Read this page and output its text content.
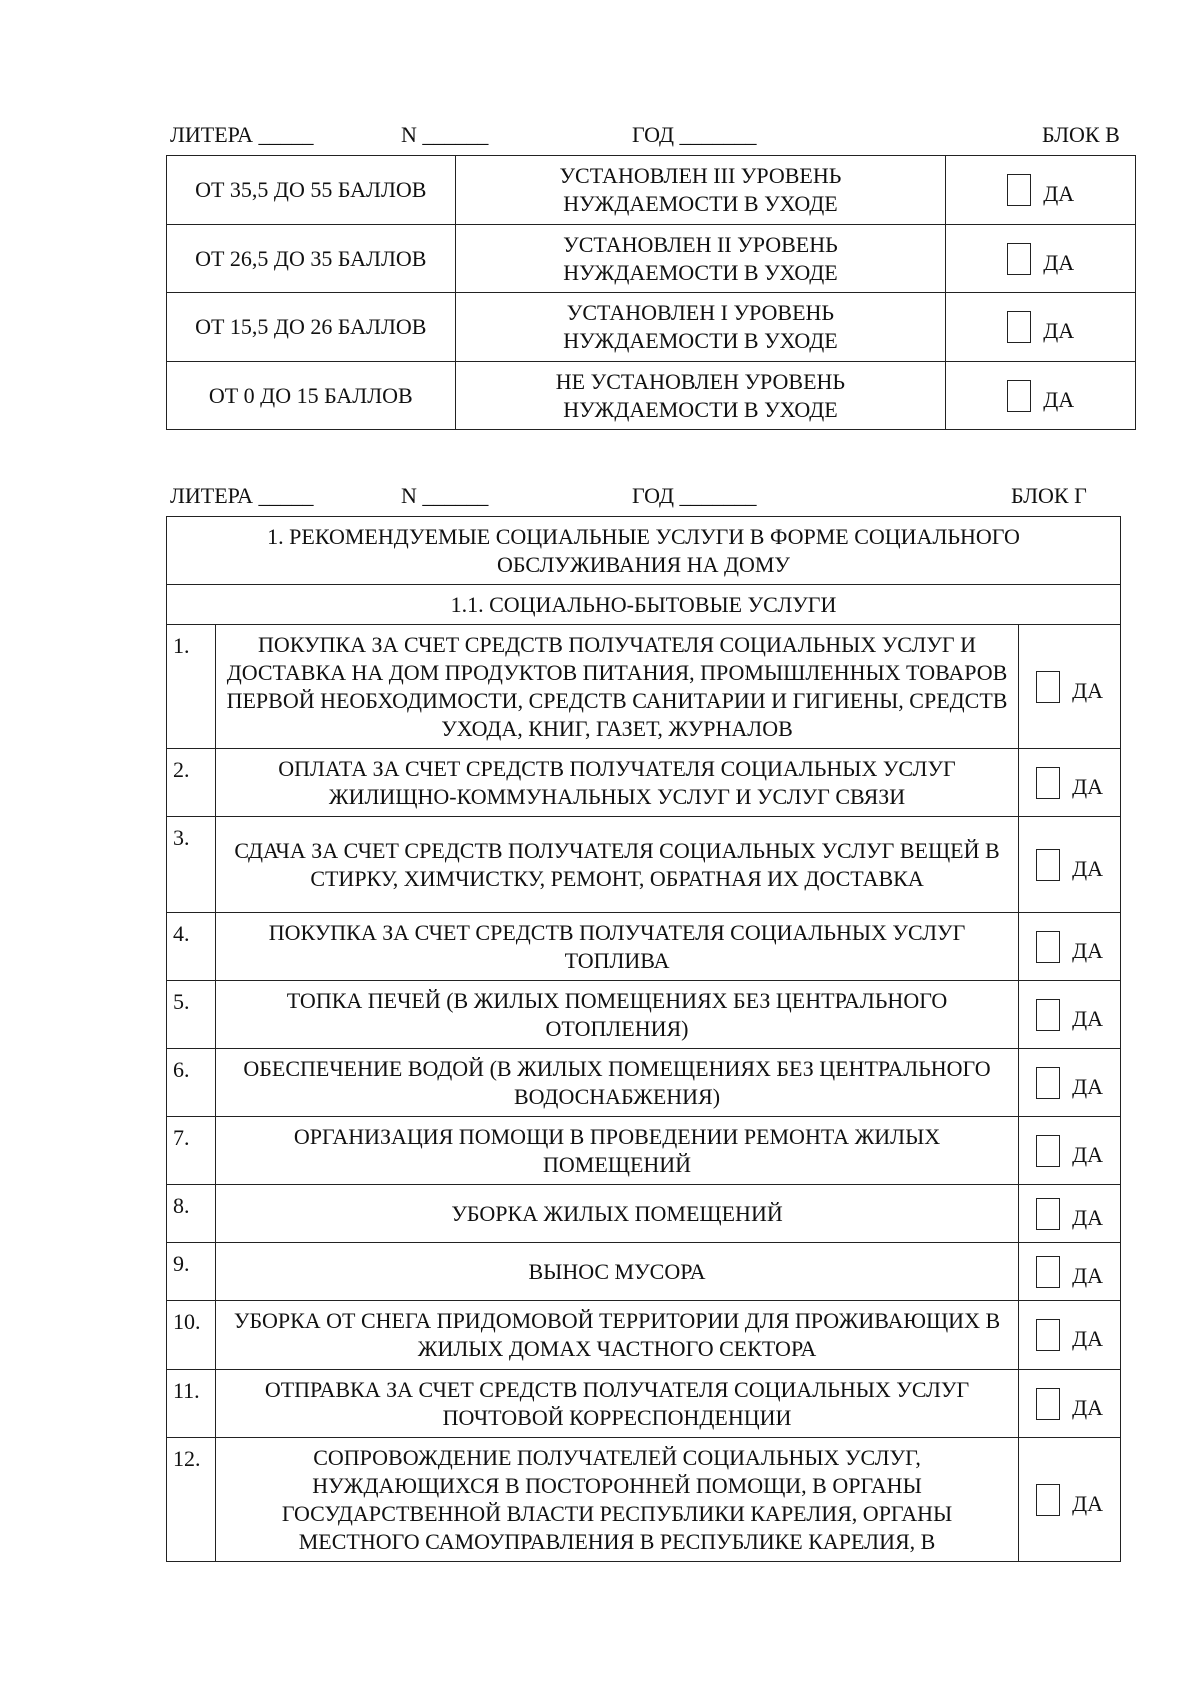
ЛИТЕРА _____	N ______	ГОД _______	БЛОК В
ОТ 35,5 ДО 55 БАЛЛОВ	УСТАНОВЛЕН III УРОВЕНЬ НУЖДАЕМОСТИ В УХОДЕ	ДА
ОТ 26,5 ДО 35 БАЛЛОВ	УСТАНОВЛЕН II УРОВЕНЬ НУЖДАЕМОСТИ В УХОДЕ	ДА
ОТ 15,5 ДО 26 БАЛЛОВ	УСТАНОВЛЕН I УРОВЕНЬ НУЖДАЕМОСТИ В УХОДЕ	ДА
ОТ 0 ДО 15 БАЛЛОВ	НЕ УСТАНОВЛЕН УРОВЕНЬ НУЖДАЕМОСТИ В УХОДЕ	ДА
ЛИТЕРА _____	N ______	ГОД _______	БЛОК Г
1. РЕКОМЕНДУЕМЫЕ СОЦИАЛЬНЫЕ УСЛУГИ В ФОРМЕ СОЦИАЛЬНОГО ОБСЛУЖИВАНИЯ НА ДОМУ		
1.1. СОЦИАЛЬНО-БЫТОВЫЕ УСЛУГИ		
1.	ПОКУПКА ЗА СЧЕТ СРЕДСТВ ПОЛУЧАТЕЛЯ СОЦИАЛЬНЫХ УСЛУГ И ДОСТАВКА НА ДОМ ПРОДУКТОВ ПИТАНИЯ, ПРОМЫШЛЕННЫХ ТОВАРОВ ПЕРВОЙ НЕОБХОДИМОСТИ, СРЕДСТВ САНИТАРИИ И ГИГИЕНЫ, СРЕДСТВ УХОДА, КНИГ, ГАЗЕТ, ЖУРНАЛОВ	ДА
2.	ОПЛАТА ЗА СЧЕТ СРЕДСТВ ПОЛУЧАТЕЛЯ СОЦИАЛЬНЫХ УСЛУГ ЖИЛИЩНО-КОММУНАЛЬНЫХ УСЛУГ И УСЛУГ СВЯЗИ	ДА
3.	СДАЧА ЗА СЧЕТ СРЕДСТВ ПОЛУЧАТЕЛЯ СОЦИАЛЬНЫХ УСЛУГ ВЕЩЕЙ В СТИРКУ, ХИМЧИСТКУ, РЕМОНТ, ОБРАТНАЯ ИХ ДОСТАВКА	ДА
4.	ПОКУПКА ЗА СЧЕТ СРЕДСТВ ПОЛУЧАТЕЛЯ СОЦИАЛЬНЫХ УСЛУГ ТОПЛИВА	ДА
5.	ТОПКА ПЕЧЕЙ (В ЖИЛЫХ ПОМЕЩЕНИЯХ БЕЗ ЦЕНТРАЛЬНОГО ОТОПЛЕНИЯ)	ДА
6.	ОБЕСПЕЧЕНИЕ ВОДОЙ (В ЖИЛЫХ ПОМЕЩЕНИЯХ БЕЗ ЦЕНТРАЛЬНОГО ВОДОСНАБЖЕНИЯ)	ДА
7.	ОРГАНИЗАЦИЯ ПОМОЩИ В ПРОВЕДЕНИИ РЕМОНТА ЖИЛЫХ ПОМЕЩЕНИЙ	ДА
8.	УБОРКА ЖИЛЫХ ПОМЕЩЕНИЙ	ДА
9.	ВЫНОС МУСОРА	ДА
10.	УБОРКА ОТ СНЕГА ПРИДОМОВОЙ ТЕРРИТОРИИ ДЛЯ ПРОЖИВАЮЩИХ В ЖИЛЫХ ДОМАХ ЧАСТНОГО СЕКТОРА	ДА
11.	ОТПРАВКА ЗА СЧЕТ СРЕДСТВ ПОЛУЧАТЕЛЯ СОЦИАЛЬНЫХ УСЛУГ ПОЧТОВОЙ КОРРЕСПОНДЕНЦИИ	ДА
12.	СОПРОВОЖДЕНИЕ ПОЛУЧАТЕЛЕЙ СОЦИАЛЬНЫХ УСЛУГ, НУЖДАЮЩИХСЯ В ПОСТОРОННЕЙ ПОМОЩИ, В ОРГАНЫ ГОСУДАРСТВЕННОЙ ВЛАСТИ РЕСПУБЛИКИ КАРЕЛИЯ, ОРГАНЫ МЕСТНОГО САМОУПРАВЛЕНИЯ В РЕСПУБЛИКЕ КАРЕЛИЯ, В	ДА
